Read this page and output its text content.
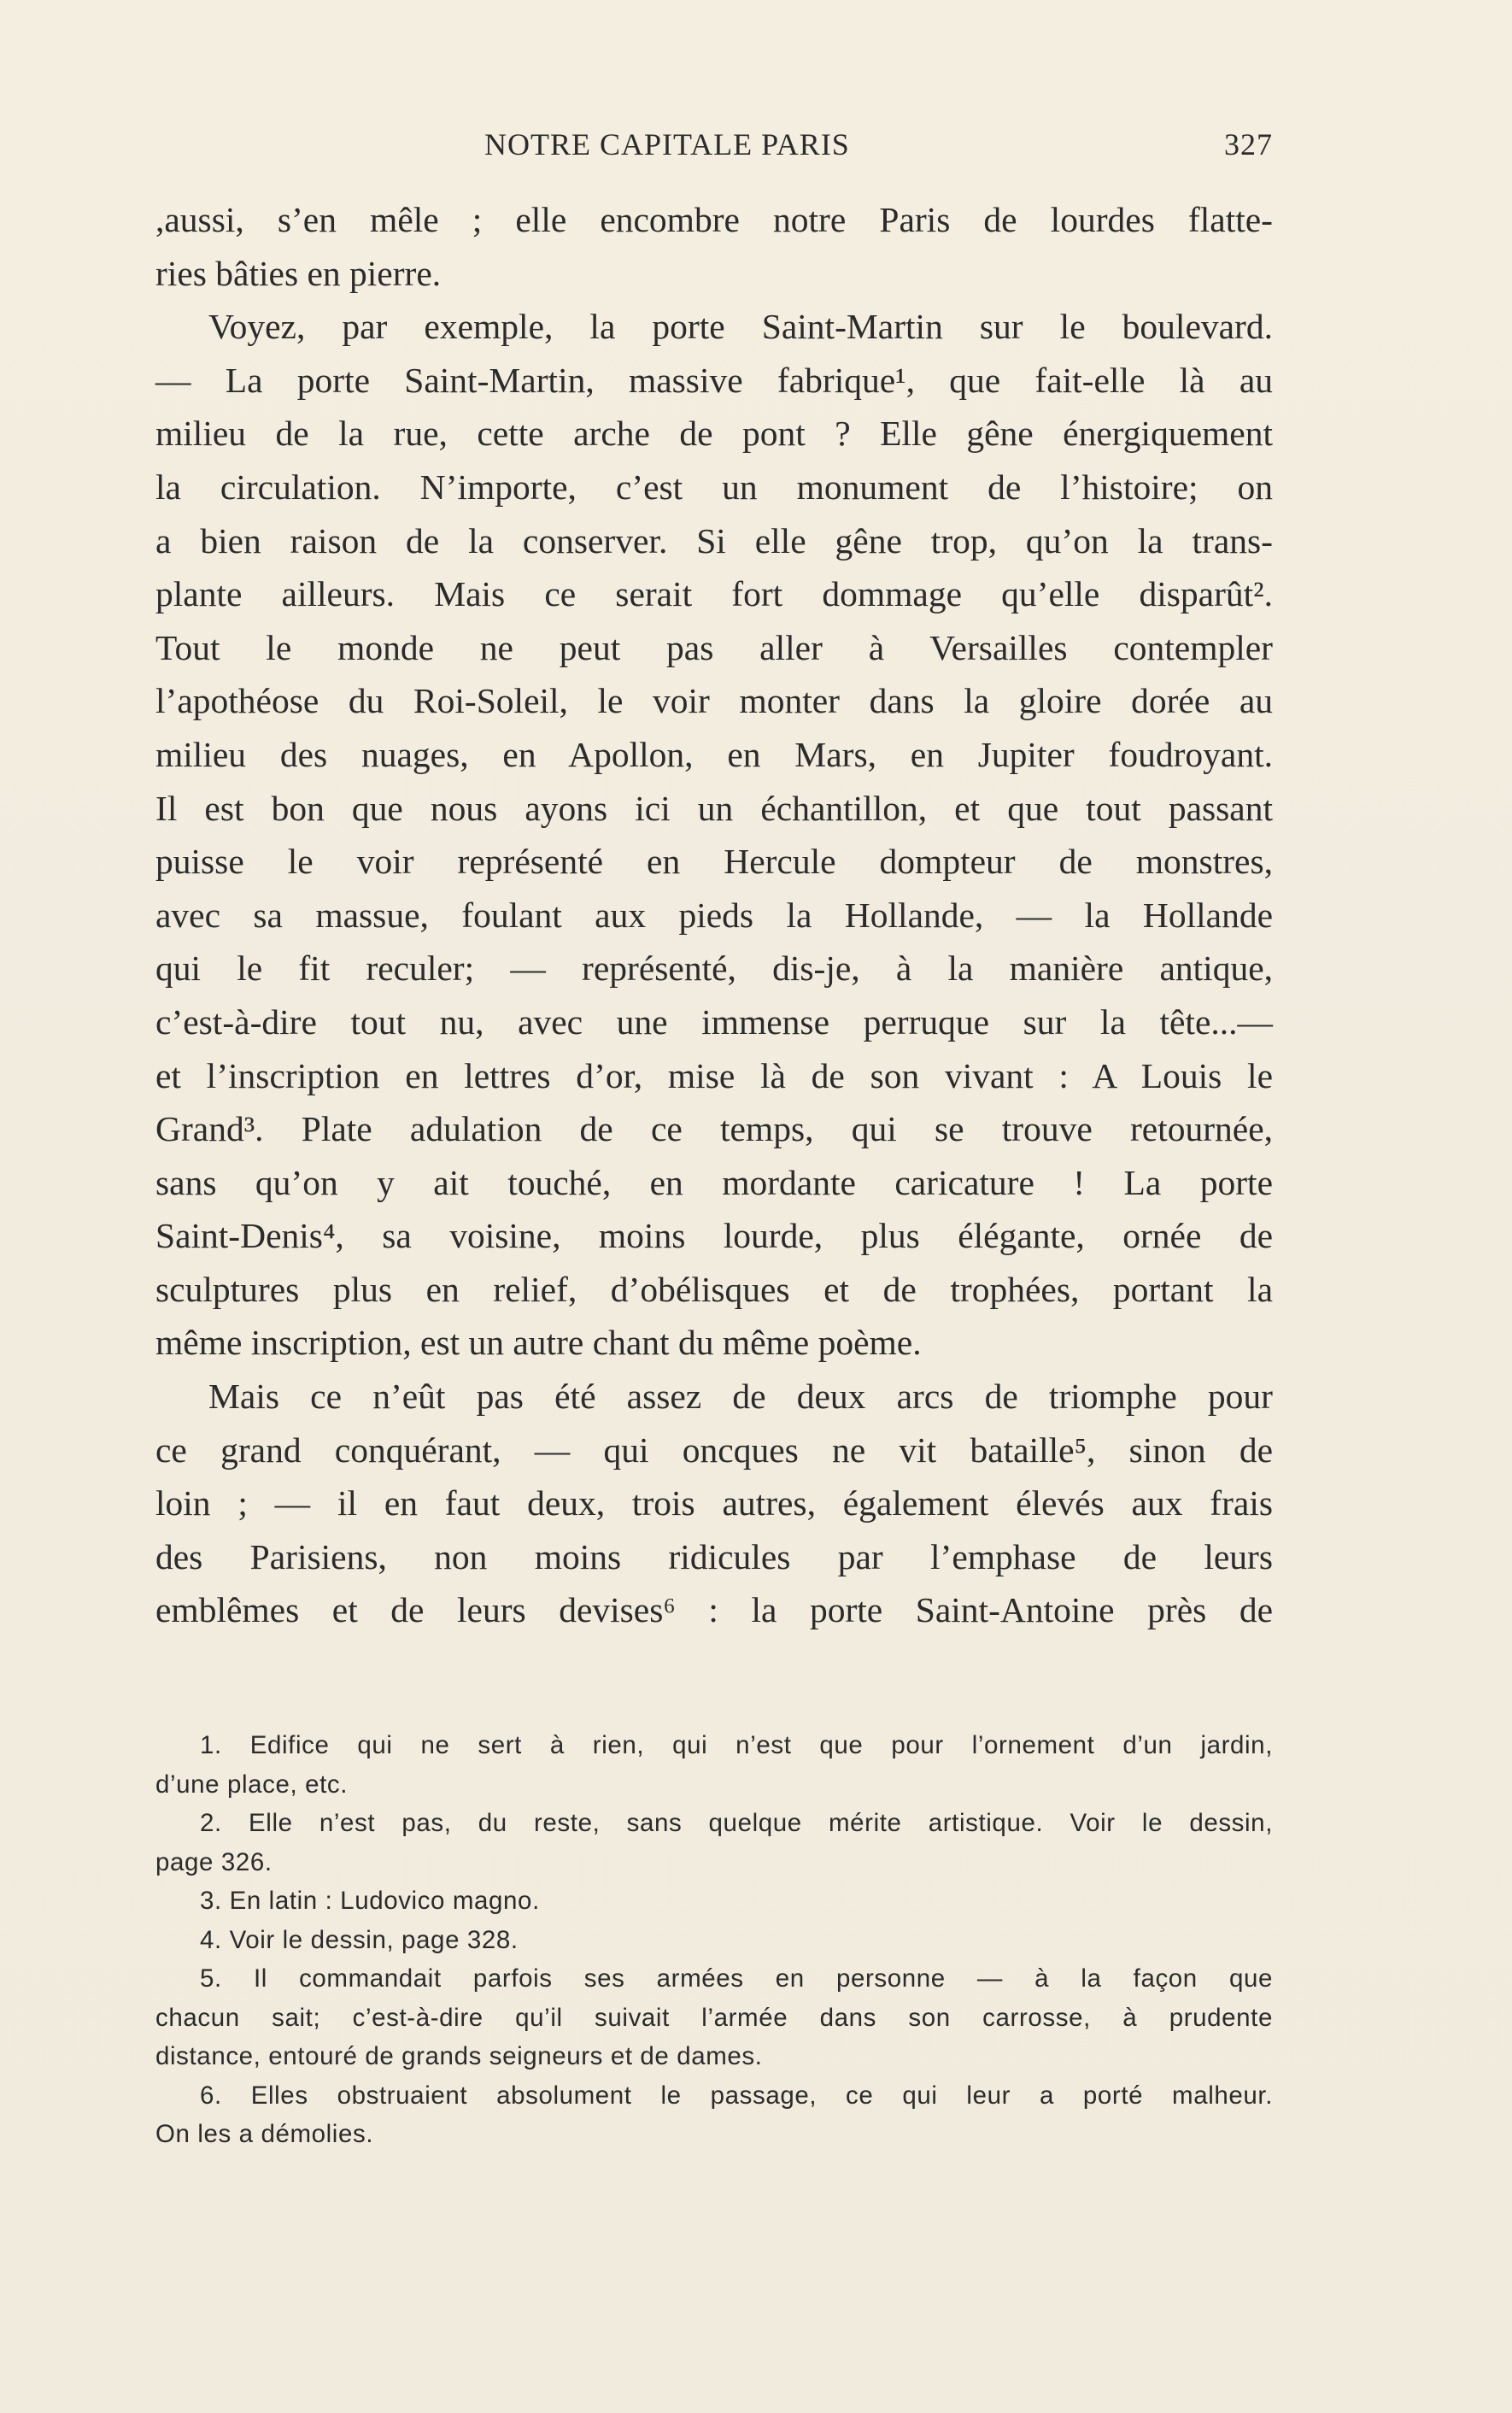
NOTRE CAPITALE PARIS	327
,aussi, s’en mêle ; elle encombre notre Paris de lourdes flatte-
ries bâties en pierre.
Voyez, par exemple, la porte Saint-Martin sur le boulevard.
— La porte Saint-Martin, massive fabrique¹, que fait-elle là au
milieu de la rue, cette arche de pont ? Elle gêne énergiquement
la circulation. N’importe, c’est un monument de l’histoire; on
a bien raison de la conserver. Si elle gêne trop, qu’on la trans-
plante ailleurs. Mais ce serait fort dommage qu’elle disparût².
Tout le monde ne peut pas aller à Versailles contempler
l’apothéose du Roi-Soleil, le voir monter dans la gloire dorée au
milieu des nuages, en Apollon, en Mars, en Jupiter foudroyant.
Il est bon que nous ayons ici un échantillon, et que tout passant
puisse le voir représenté en Hercule dompteur de monstres,
avec sa massue, foulant aux pieds la Hollande, — la Hollande
qui le fit reculer; — représenté, dis-je, à la manière antique,
c’est-à-dire tout nu, avec une immense perruque sur la tête...—
et l’inscription en lettres d’or, mise là de son vivant : A Louis le
Grand³. Plate adulation de ce temps, qui se trouve retournée,
sans qu’on y ait touché, en mordante caricature ! La porte
Saint-Denis⁴, sa voisine, moins lourde, plus élégante, ornée de
sculptures plus en relief, d’obélisques et de trophées, portant la
même inscription, est un autre chant du même poème.
Mais ce n’eût pas été assez de deux arcs de triomphe pour
ce grand conquérant, — qui oncques ne vit bataille⁵, sinon de
loin ; — il en faut deux, trois autres, également élevés aux frais
des Parisiens, non moins ridicules par l’emphase de leurs
emblêmes et de leurs devises⁶ : la porte Saint-Antoine près de
1. Edifice qui ne sert à rien, qui n’est que pour l’ornement d’un jardin,
d’une place, etc.
2. Elle n’est pas, du reste, sans quelque mérite artistique. Voir le dessin,
page 326.
3. En latin : Ludovico magno.
4. Voir le dessin, page 328.
5. Il commandait parfois ses armées en personne — à la façon que
chacun sait; c’est-à-dire qu’il suivait l’armée dans son carrosse, à prudente
distance, entouré de grands seigneurs et de dames.
6. Elles obstruaient absolument le passage, ce qui leur a porté malheur.
On les a démolies.
